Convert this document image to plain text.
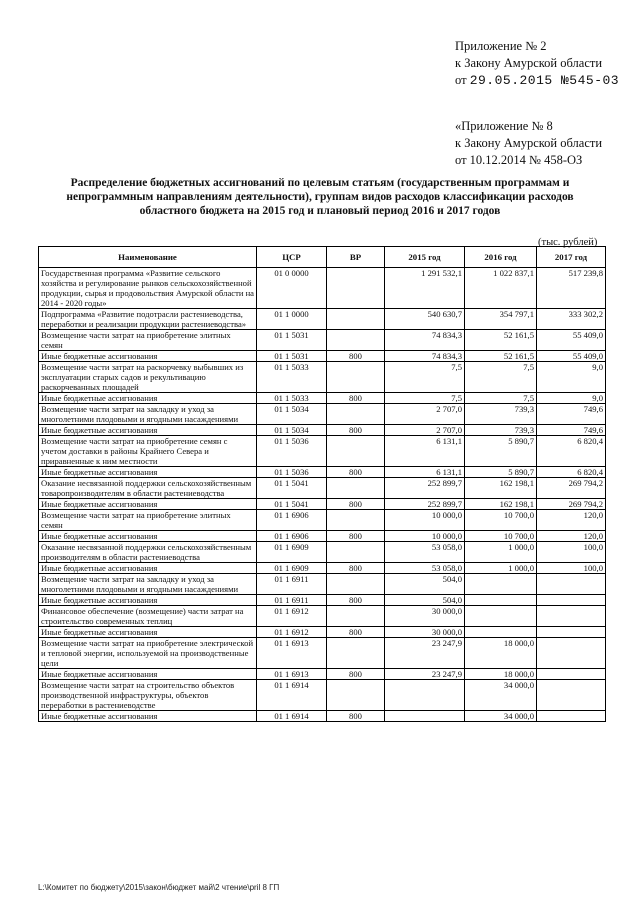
Приложение № 2
к Закону Амурской области
от 29.05.2015 №545-03
«Приложение № 8
к Закону Амурской области
от 10.12.2014 № 458-ОЗ
Распределение бюджетных ассигнований по целевым статьям (государственным программам и непрограммным направлениям деятельности), группам видов расходов классификации расходов областного бюджета на 2015 год и плановый период 2016 и 2017 годов
(тыс. рублей)
Наименование	ЦСР	ВР	2015 год	2016 год	2017 год
Государственная программа «Развитие сельского хозяйства и регулирование рынков сельскохозяйственной продукции, сырья и продовольствия Амурской области на 2014 - 2020 годы»	01 0 0000		1 291 532,1	1 022 837,1	517 239,8
Подпрограмма «Развитие подотрасли растениеводства, переработки и реализации продукции растениеводства»	01 1 0000		540 630,7	354 797,1	333 302,2
Возмещение части затрат на приобретение элитных семян	01 1 5031		74 834,3	52 161,5	55 409,0
Иные бюджетные ассигнования	01 1 5031	800	74 834,3	52 161,5	55 409,0
Возмещение части затрат на раскорчевку выбывших из эксплуатации старых садов и рекультивацию раскорчеванных площадей	01 1 5033		7,5	7,5	9,0
Иные бюджетные ассигнования	01 1 5033	800	7,5	7,5	9,0
Возмещение части затрат на закладку и уход за многолетними плодовыми и ягодными насаждениями	01 1 5034		2 707,0	739,3	749,6
Иные бюджетные ассигнования	01 1 5034	800	2 707,0	739,3	749,6
Возмещение части затрат на приобретение семян с учетом доставки в районы Крайнего Севера и приравненные к ним местности	01 1 5036		6 131,1	5 890,7	6 820,4
Иные бюджетные ассигнования	01 1 5036	800	6 131,1	5 890,7	6 820,4
Оказание несвязанной поддержки сельскохозяйственным товаропроизводителям в области растениеводства	01 1 5041		252 899,7	162 198,1	269 794,2
Иные бюджетные ассигнования	01 1 5041	800	252 899,7	162 198,1	269 794,2
Возмещение части затрат на приобретение элитных семян	01 1 6906		10 000,0	10 700,0	120,0
Иные бюджетные ассигнования	01 1 6906	800	10 000,0	10 700,0	120,0
Оказание несвязанной поддержки сельскохозяйственным производителям в области растениеводства	01 1 6909		53 058,0	1 000,0	100,0
Иные бюджетные ассигнования	01 1 6909	800	53 058,0	1 000,0	100,0
Возмещение части затрат на закладку и уход за многолетними плодовыми и ягодными насаждениями	01 1 6911		504,0		
Иные бюджетные ассигнования	01 1 6911	800	504,0		
Финансовое обеспечение (возмещение) части затрат на строительство современных теплиц	01 1 6912		30 000,0		
Иные бюджетные ассигнования	01 1 6912	800	30 000,0		
Возмещение части затрат на приобретение электрической и тепловой энергии, используемой на производственные цели	01 1 6913		23 247,9	18 000,0	
Иные бюджетные ассигнования	01 1 6913	800	23 247,9	18 000,0	
Возмещение части затрат на строительство объектов производственной инфраструктуры, объектов переработки в растениеводстве	01 1 6914			34 000,0	
Иные бюджетные ассигнования	01 1 6914	800		34 000,0	
L:\Комитет по бюджету\2015\закон\бюджет май\2 чтение\pril 8 ГП
